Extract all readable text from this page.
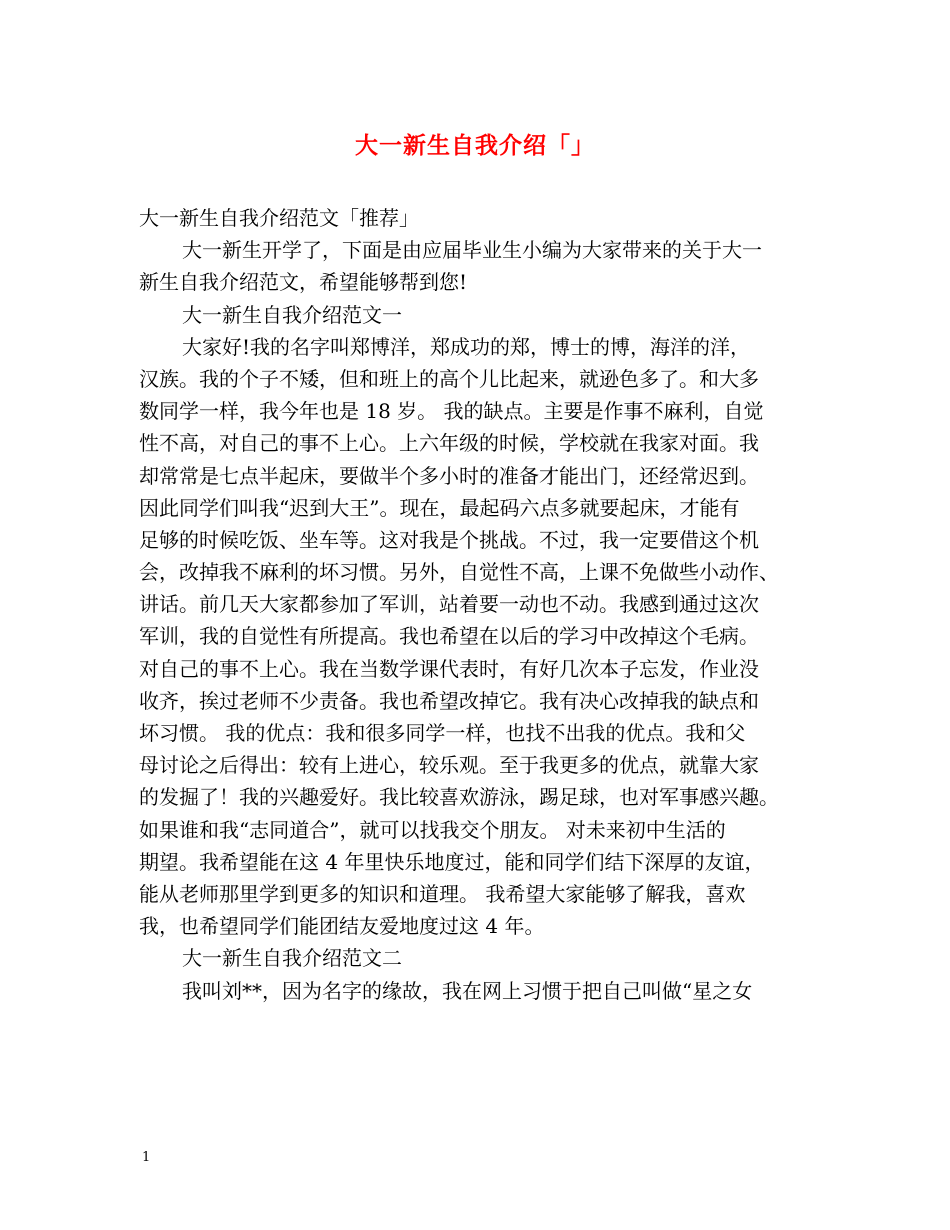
大一新生自我介绍「」
大一新生自我介绍范文「推荐」
大一新生开学了，下面是由应届毕业生小编为大家带来的关于大一
新生自我介绍范文，希望能够帮到您!
大一新生自我介绍范文一
大家好!我的名字叫郑博洋，郑成功的郑，博士的博，海洋的洋，
汉族。我的个子不矮，但和班上的高个儿比起来，就逊色多了。和大多
数同学一样，我今年也是 18 岁。 我的缺点。主要是作事不麻利，自觉
性不高，对自己的事不上心。上六年级的时候，学校就在我家对面。我
却常常是七点半起床，要做半个多小时的准备才能出门，还经常迟到。
因此同学们叫我“迟到大王”。现在，最起码六点多就要起床，才能有
足够的时候吃饭、坐车等。这对我是个挑战。不过，我一定要借这个机
会，改掉我不麻利的坏习惯。另外，自觉性不高，上课不免做些小动作、
讲话。前几天大家都参加了军训，站着要一动也不动。我感到通过这次
军训，我的自觉性有所提高。我也希望在以后的学习中改掉这个毛病。
对自己的事不上心。我在当数学课代表时，有好几次本子忘发，作业没
收齐，挨过老师不少责备。我也希望改掉它。我有决心改掉我的缺点和
坏习惯。 我的优点：我和很多同学一样，也找不出我的优点。我和父
母讨论之后得出：较有上进心，较乐观。至于我更多的优点，就靠大家
的发掘了！我的兴趣爱好。我比较喜欢游泳，踢足球，也对军事感兴趣。
如果谁和我“志同道合”，就可以找我交个朋友。 对未来初中生活的
期望。我希望能在这 4 年里快乐地度过，能和同学们结下深厚的友谊，
能从老师那里学到更多的知识和道理。 我希望大家能够了解我，喜欢
我，也希望同学们能团结友爱地度过这 4 年。
大一新生自我介绍范文二
我叫刘**，因为名字的缘故，我在网上习惯于把自己叫做“星之女
1
